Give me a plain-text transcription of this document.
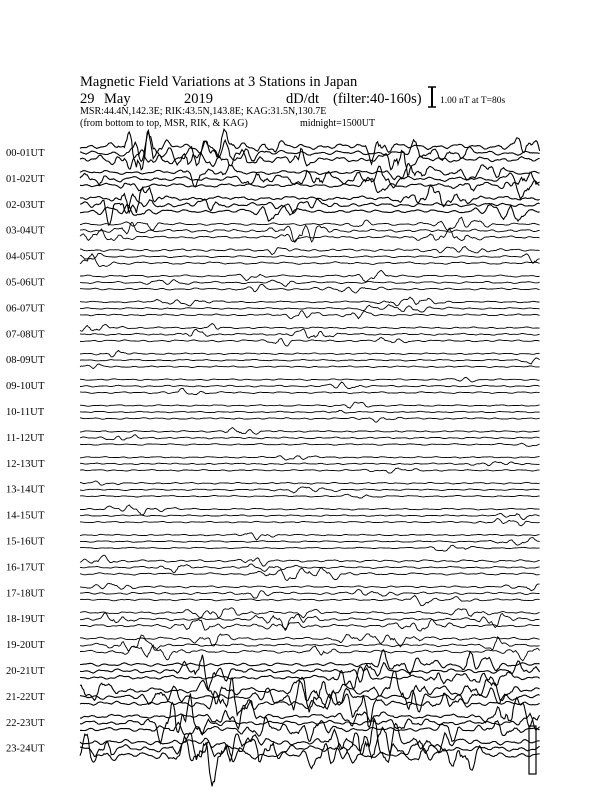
Magnetic Field Variations at 3 Stations in Japan
29 May	2019	dD/dt (filter:40-160s)
MSR:44.4N,142.3E; RIK:43.5N,143.8E; KAG:31.5N,130.7E
(from bottom to top, MSR, RIK, & KAG)	midnight=1500UT
1.00 nT at T=80s
00-01UT
01-02UT
02-03UT
03-04UT
04-05UT
05-06UT
06-07UT
07-08UT
08-09UT
09-10UT
10-11UT
11-12UT
12-13UT
13-14UT
14-15UT
15-16UT
16-17UT
17-18UT
18-19UT
19-20UT
20-21UT
21-22UT
22-23UT
23-24UT
